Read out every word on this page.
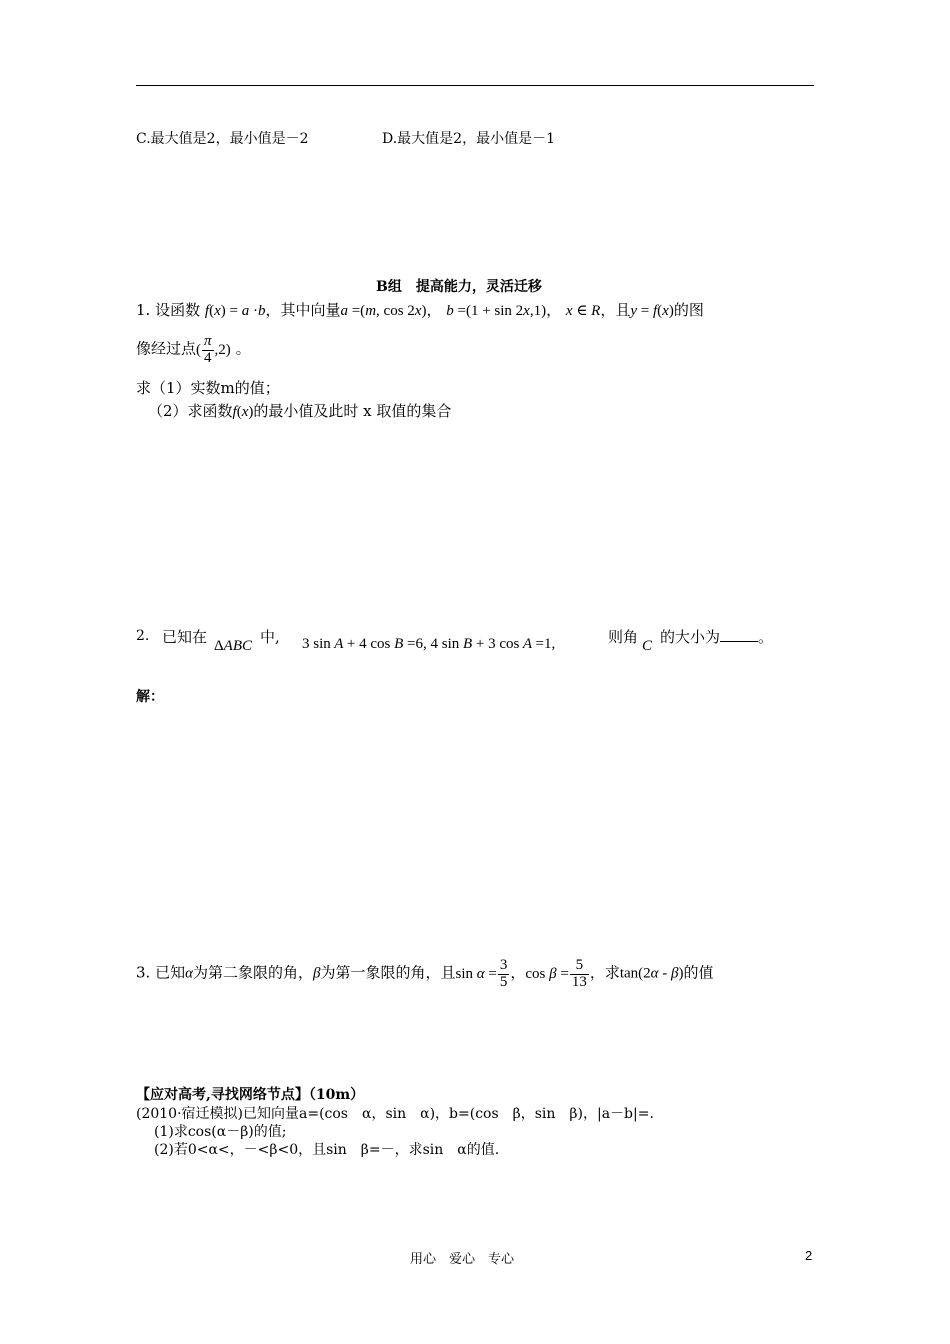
C.最大值是2，最小值是－2	D.最大值是2，最小值是－1
B组　提高能力，灵活迁移
1. 设函数 f(x) = a ·b，其中向量a =(m, cos 2x)， b =(1 + sin 2x,1)， x ∈ R，且y = f(x)的图
像经过点( $\frac{\pi}{4} ,2$) 。
求（1）实数m的值；
（2）求函数f(x)的最小值及此时 x 取值的集合
2. 已知在 ΔABC 中, 3 sin A + 4 cos B =6, 4 sin B + 3 cos A =1,	则角 C 的大小为	。
解：
3. 已知α为第二象限的角，β为第一象限的角，且$\sin \alpha = \frac{3}{5}$ ，$\cos \beta = \frac{5}{13}$ ，求tan(2α - β)的值
【应对高考,寻找网络节点】（10m）
(2010·宿迁模拟)已知向量a=(cos　α，sin　α)，b=(cos　β，sin　β)，|a－b|=.
(1)求cos(α－β)的值;
(2)若0<α<，－<β<0，且sin　β=－，求sin　α的值.
用心　爱心　专心	2
